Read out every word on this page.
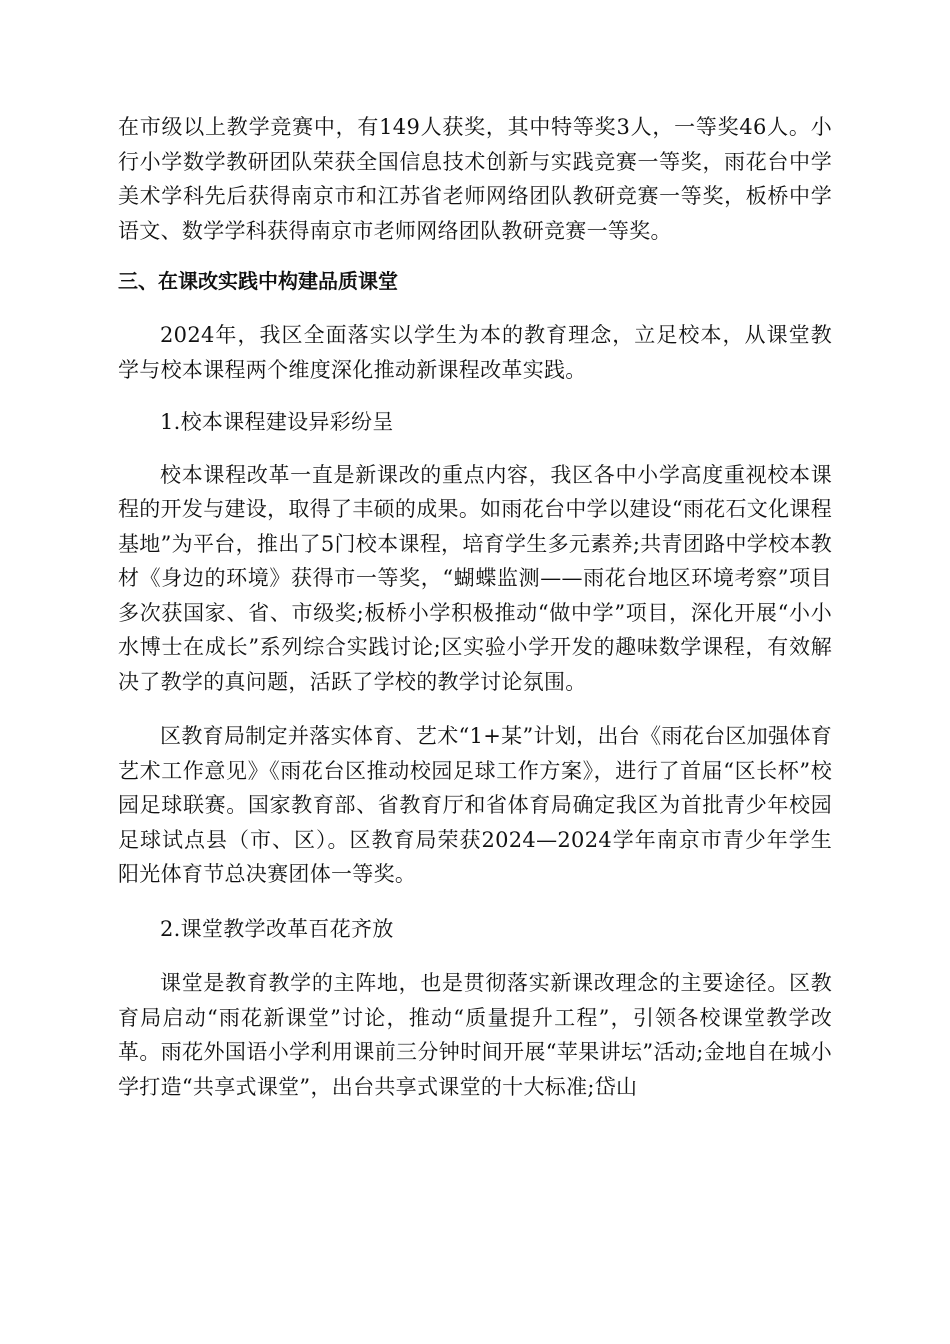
在市级以上教学竞赛中，有149人获奖，其中特等奖3人，一等奖46人。小行小学数学教研团队荣获全国信息技术创新与实践竞赛一等奖，雨花台中学美术学科先后获得南京市和江苏省老师网络团队教研竞赛一等奖，板桥中学语文、数学学科获得南京市老师网络团队教研竞赛一等奖。

三、在课改实践中构建品质课堂

2024年，我区全面落实以学生为本的教育理念，立足校本，从课堂教学与校本课程两个维度深化推动新课程改革实践。

1.校本课程建设异彩纷呈

校本课程改革一直是新课改的重点内容，我区各中小学高度重视校本课程的开发与建设，取得了丰硕的成果。如雨花台中学以建设“雨花石文化课程基地”为平台，推出了5门校本课程，培育学生多元素养;共青团路中学校本教材《身边的环境》获得市一等奖，“蝴蝶监测——雨花台地区环境考察”项目多次获国家、省、市级奖;板桥小学积极推动“做中学”项目，深化开展“小小水博士在成长”系列综合实践讨论;区实验小学开发的趣味数学课程，有效解决了教学的真问题，活跃了学校的教学讨论氛围。

区教育局制定并落实体育、艺术“1+某”计划，出台《雨花台区加强体育艺术工作意见》《雨花台区推动校园足球工作方案》，进行了首届“区长杯”校园足球联赛。国家教育部、省教育厅和省体育局确定我区为首批青少年校园足球试点县（市、区）。区教育局荣获2024—2024学年南京市青少年学生阳光体育节总决赛团体一等奖。

2.课堂教学改革百花齐放

课堂是教育教学的主阵地，也是贯彻落实新课改理念的主要途径。区教育局启动“雨花新课堂”讨论，推动“质量提升工程”，引领各校课堂教学改革。雨花外国语小学利用课前三分钟时间开展“苹果讲坛”活动;金地自在城小学打造“共享式课堂”，出台共享式课堂的十大标准;岱山
